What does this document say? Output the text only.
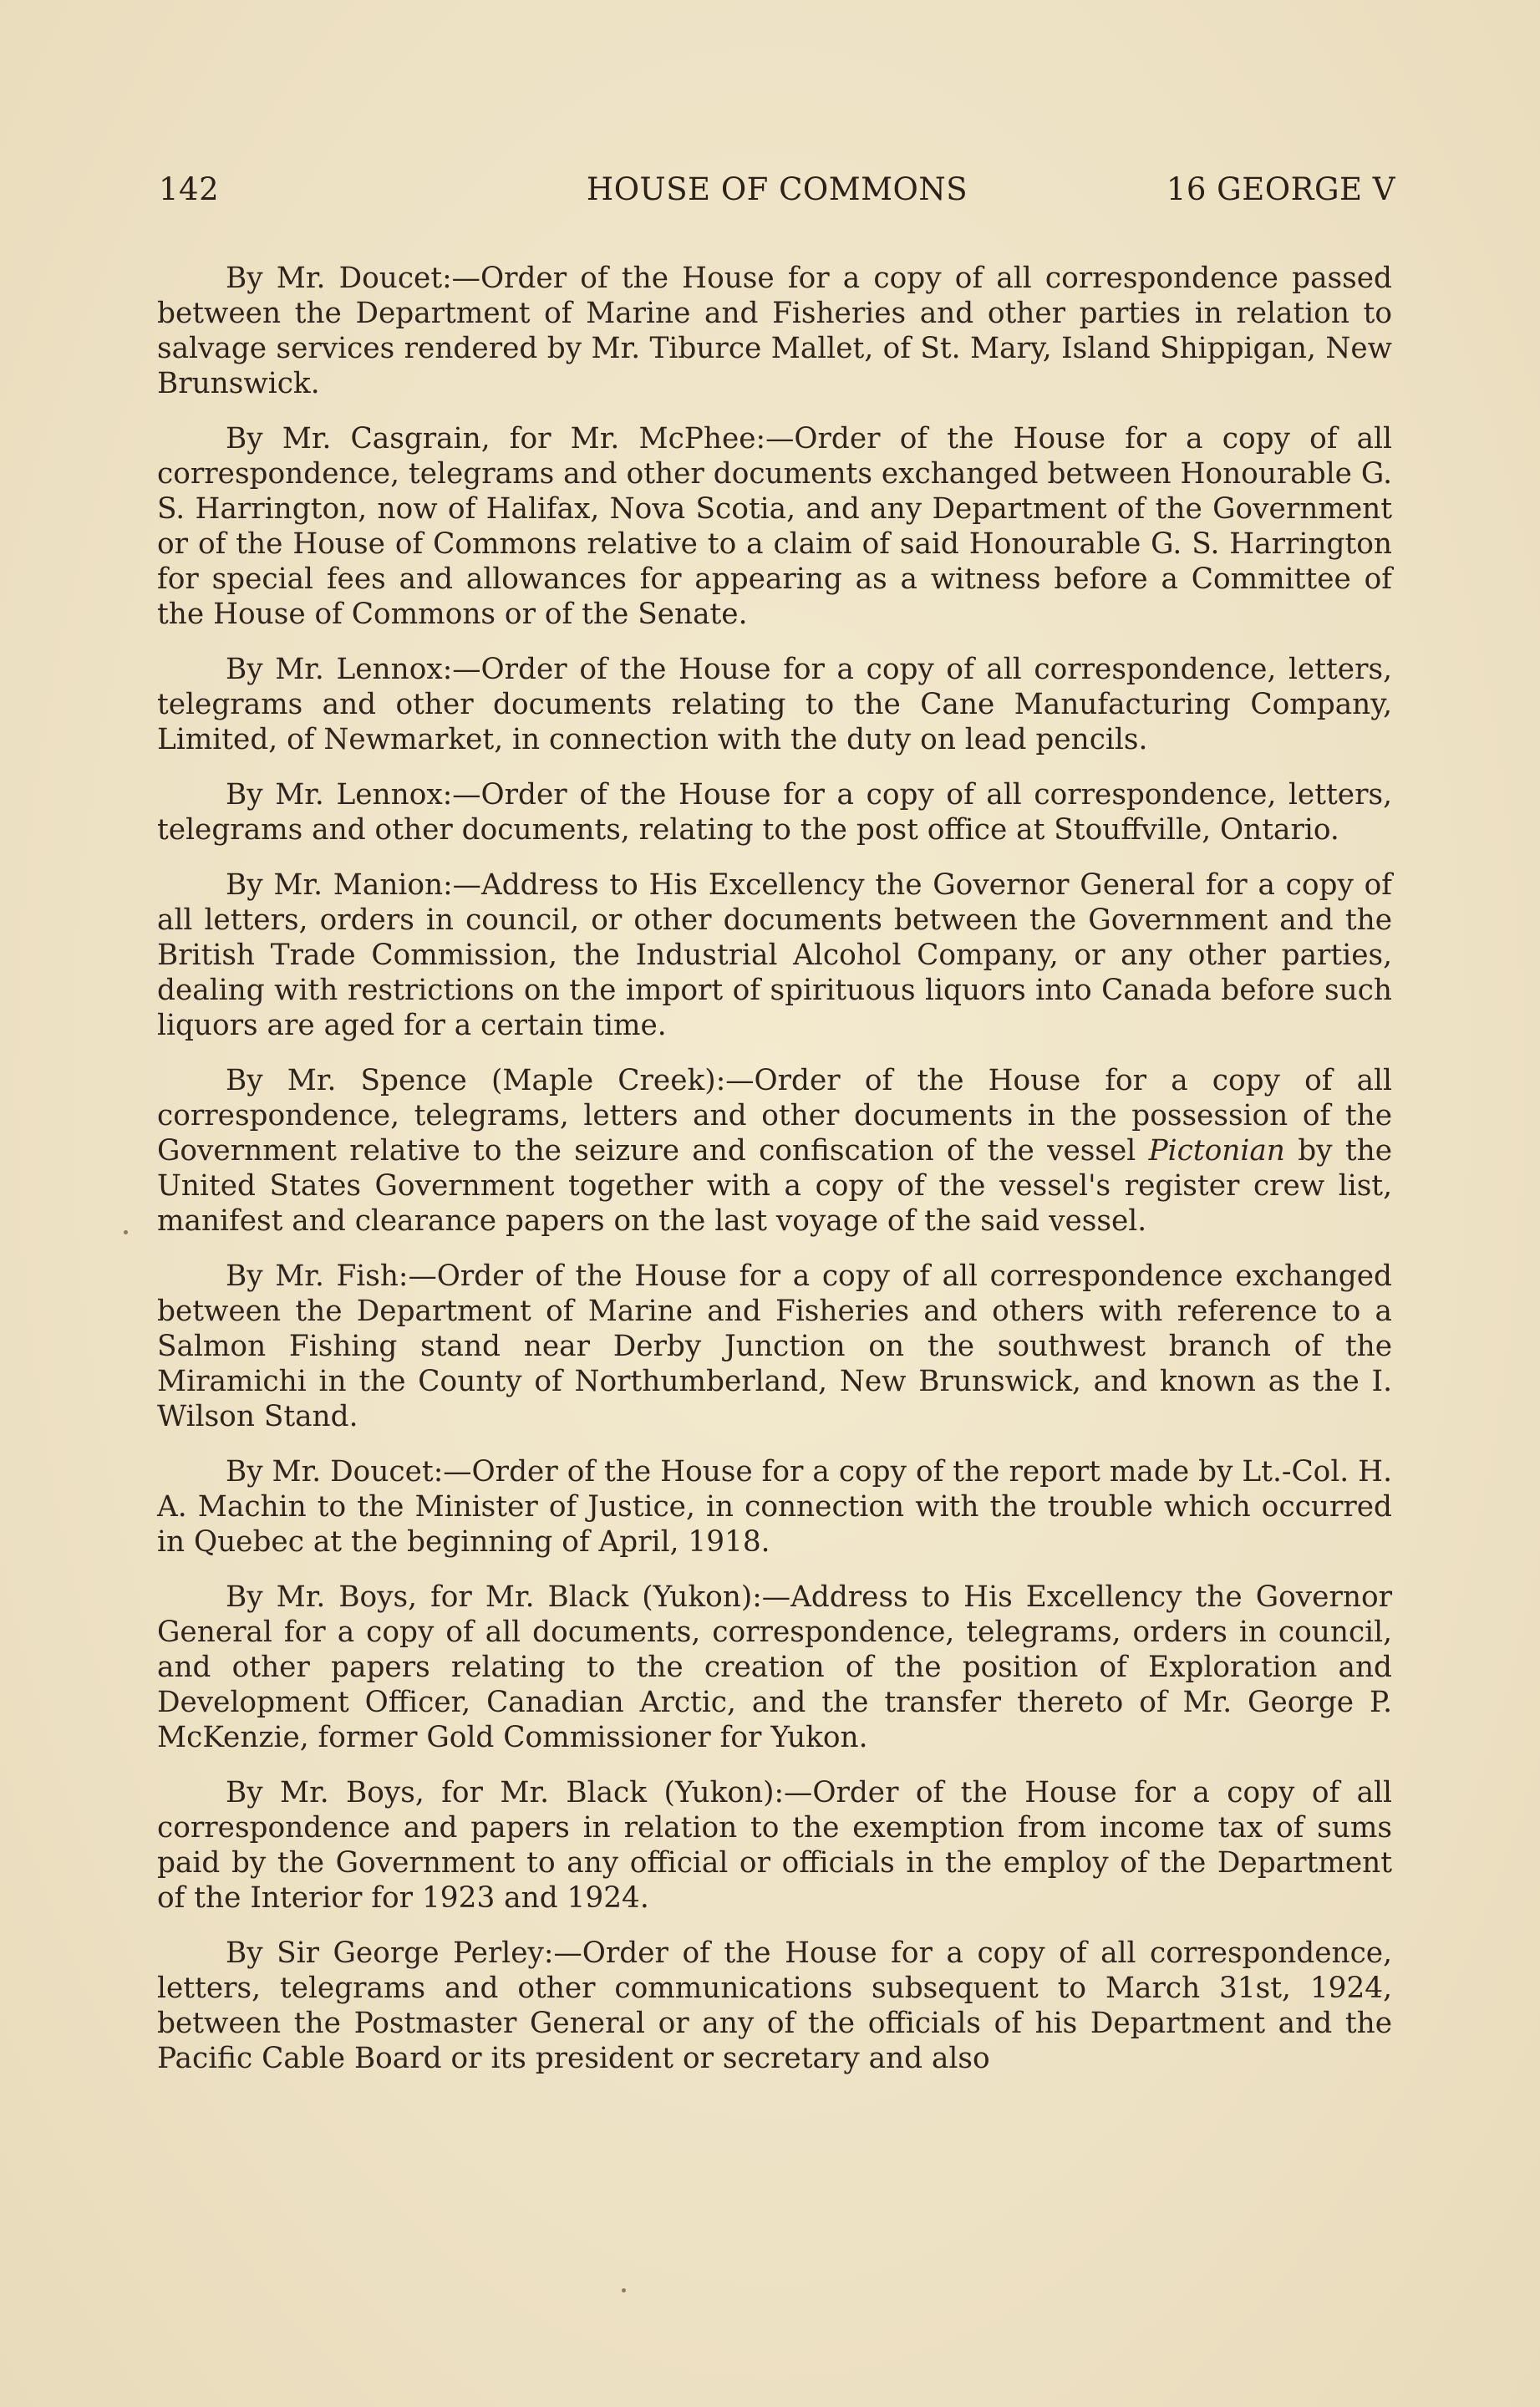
142	HOUSE OF COMMONS	16 GEORGE V

By Mr. Doucet:—Order of the House for a copy of all correspondence passed between the Department of Marine and Fisheries and other parties in relation to salvage services rendered by Mr. Tiburce Mallet, of St. Mary, Island Shippigan, New Brunswick.

By Mr. Casgrain, for Mr. McPhee:—Order of the House for a copy of all correspondence, telegrams and other documents exchanged between Honourable G. S. Harrington, now of Halifax, Nova Scotia, and any Department of the Government or of the House of Commons relative to a claim of said Honourable G. S. Harrington for special fees and allowances for appearing as a witness before a Committee of the House of Commons or of the Senate.

By Mr. Lennox:—Order of the House for a copy of all correspondence, letters, telegrams and other documents relating to the Cane Manufacturing Company, Limited, of Newmarket, in connection with the duty on lead pencils.

By Mr. Lennox:—Order of the House for a copy of all correspondence, letters, telegrams and other documents, relating to the post office at Stouffville, Ontario.

By Mr. Manion:—Address to His Excellency the Governor General for a copy of all letters, orders in council, or other documents between the Government and the British Trade Commission, the Industrial Alcohol Company, or any other parties, dealing with restrictions on the import of spirituous liquors into Canada before such liquors are aged for a certain time.

By Mr. Spence (Maple Creek):—Order of the House for a copy of all correspondence, telegrams, letters and other documents in the possession of the Government relative to the seizure and confiscation of the vessel Pictonian by the United States Government together with a copy of the vessel's register crew list, manifest and clearance papers on the last voyage of the said vessel.

By Mr. Fish:—Order of the House for a copy of all correspondence exchanged between the Department of Marine and Fisheries and others with reference to a Salmon Fishing stand near Derby Junction on the southwest branch of the Miramichi in the County of Northumberland, New Brunswick, and known as the I. Wilson Stand.

By Mr. Doucet:—Order of the House for a copy of the report made by Lt.-Col. H. A. Machin to the Minister of Justice, in connection with the trouble which occurred in Quebec at the beginning of April, 1918.

By Mr. Boys, for Mr. Black (Yukon):—Address to His Excellency the Governor General for a copy of all documents, correspondence, telegrams, orders in council, and other papers relating to the creation of the position of Exploration and Development Officer, Canadian Arctic, and the transfer thereto of Mr. George P. McKenzie, former Gold Commissioner for Yukon.

By Mr. Boys, for Mr. Black (Yukon):—Order of the House for a copy of all correspondence and papers in relation to the exemption from income tax of sums paid by the Government to any official or officials in the employ of the Department of the Interior for 1923 and 1924.

By Sir George Perley:—Order of the House for a copy of all correspondence, letters, telegrams and other communications subsequent to March 31st, 1924, between the Postmaster General or any of the officials of his Department and the Pacific Cable Board or its president or secretary and also
